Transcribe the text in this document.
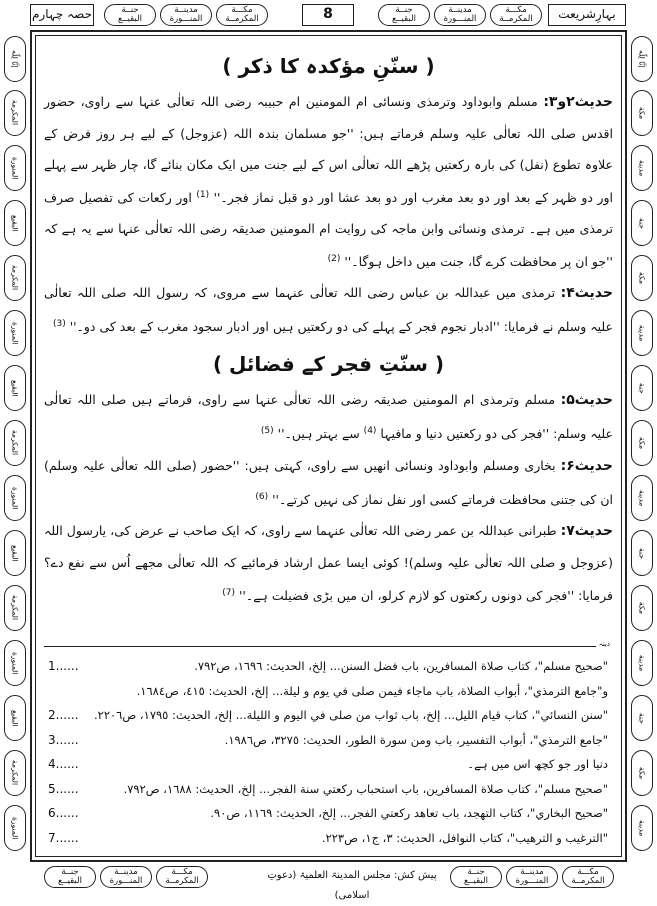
حصہ چہارم	جنــة
البقيــع
مدينــة
المنـــورة
مكـــة
المكرمــة	8	جنــة
البقيــع
مدينــة
المنـــورة
مكـــة
المكرمــة	بہارِشریعت
إنَّا لِلّٰه
المكرمة
المنورة
البقيع
المكرمة
المنورة
البقيع
المكرمة
المنورة
البقيع
المكرمة
المنورة
البقيع
المكرمة
المنورة
إنَّا لِلّٰه
مكة
مدينة
جنة
مكة
مدينة
جنة
مكة
مدينة
جنة
مكة
مدينة
جنة
مكة
مدينة
( سنّنِ مؤکدہ کا ذکر )

حدیث۲و۳: مسلم وابوداود وترمذی ونسائی ام المومنین ام حبیبہ رضی اللہ تعالٰی عنہا سے راوی، حضور اقدس صلی اللہ تعالٰی علیہ وسلم فرماتے ہیں: ''جو مسلمان بندہ اللہ (عزوجل) کے لیے ہر روز فرض کے علاوہ تطوع (نفل) کی بارہ رکعتیں پڑھے اللہ تعالٰی اس کے لیے جنت میں ایک مکان بنائے گا، چار ظہر سے پہلے اور دو ظہر کے بعد اور دو بعد مغرب اور دو بعد عشا اور دو قبل نماز فجر۔'' $^{(1)}$ اور رکعات کی تفصیل صرف ترمذی میں ہے۔ ترمذی ونسائی وابن ماجہ کی روایت ام المومنین صدیقہ رضی اللہ تعالٰی عنہا سے یہ ہے کہ ''جو ان پر محافظت کرے گا، جنت میں داخل ہوگا۔'' $^{(2)}$

حدیث۴: ترمذی میں عبداللہ بن عباس رضی اللہ تعالٰی عنہما سے مروی، کہ رسول اللہ صلی اللہ تعالٰی علیہ وسلم نے فرمایا: ''ادبار نجوم فجر کے پہلے کی دو رکعتیں ہیں اور ادبار سجود مغرب کے بعد کی دو۔'' $^{(3)}$

( سنّتِ فجر کے فضائل )

حدیث۵: مسلم وترمذی ام المومنین صدیقہ رضی اللہ تعالٰی عنہا سے راوی، فرماتے ہیں صلی اللہ تعالٰی علیہ وسلم: ''فجر کی دو رکعتیں دنیا و مافیہا $^{(4)}$ سے بہتر ہیں۔'' $^{(5)}$

حدیث۶: بخاری ومسلم وابوداود ونسائی انھیں سے راوی، کہتی ہیں: ''حضور (صلی اللہ تعالٰی علیہ وسلم) ان کی جتنی محافظت فرماتے کسی اور نفل نماز کی نہیں کرتے۔'' $^{(6)}$

حدیث۷: طبرانی عبداللہ بن عمر رضی اللہ تعالٰی عنہما سے راوی، کہ ایک صاحب نے عرض کی، یارسول اللہ (عزوجل و صلی اللہ تعالٰی علیہ وسلم)! کوئی ایسا عمل ارشاد فرمائیے کہ اللہ تعالٰی مجھے اُس سے نفع دے؟ فرمایا: ''فجر کی دونوں رکعتوں کو لازم کرلو، ان میں بڑی فضیلت ہے۔'' $^{(7)}$

دینہ
1......	"صحيح مسلم"، كتاب صلاة المسافرين، باب فضل السنن... إلخ، الحديث: ١٦٩٦، ص٧٩٢.
و"جامع الترمذي"، أبواب الصلاة، باب ماجاء فيمن صلى في يوم و ليلة... إلخ، الحديث: ٤١٥، ص١٦٨٤.
2...... "سنن النسائي"، كتاب قيام الليل... إلخ، باب ثواب من صلى في اليوم و الليلة... إلخ، الحديث: ١٧٩٥، ص٢٢٠٦.
3......	"جامع الترمذي"، أبواب التفسير، باب ومن سورة الطور، الحديث: ٣٢٧٥، ص١٩٨٦.
4......	دنیا اور جو کچھ اس میں ہے۔
5......	"صحيح مسلم"، كتاب صلاة المسافرين، باب استحباب ركعتي سنة الفجر... إلخ، الحديث: ١٦٨٨، ص٧٩٢.
6......	"صحيح البخاري"، كتاب التهجد، باب تعاهد ركعتي الفجر... إلخ، الحديث: ١١٦٩، ص٩٠.
7......	"الترغيب و الترهيب"، كتاب النوافل، الحديث: ٣، ج١، ص٢٢٣.
جنــة
البقيــع
مدينــة
المنـــورة
مكـــة
المكرمــة	پیش کش: مجلس المدینۃ العلمیۃ (دعوتِ اسلامی)
جنــة
البقيــع
مدينــة
المنـــورة
مكـــة
المكرمــة
